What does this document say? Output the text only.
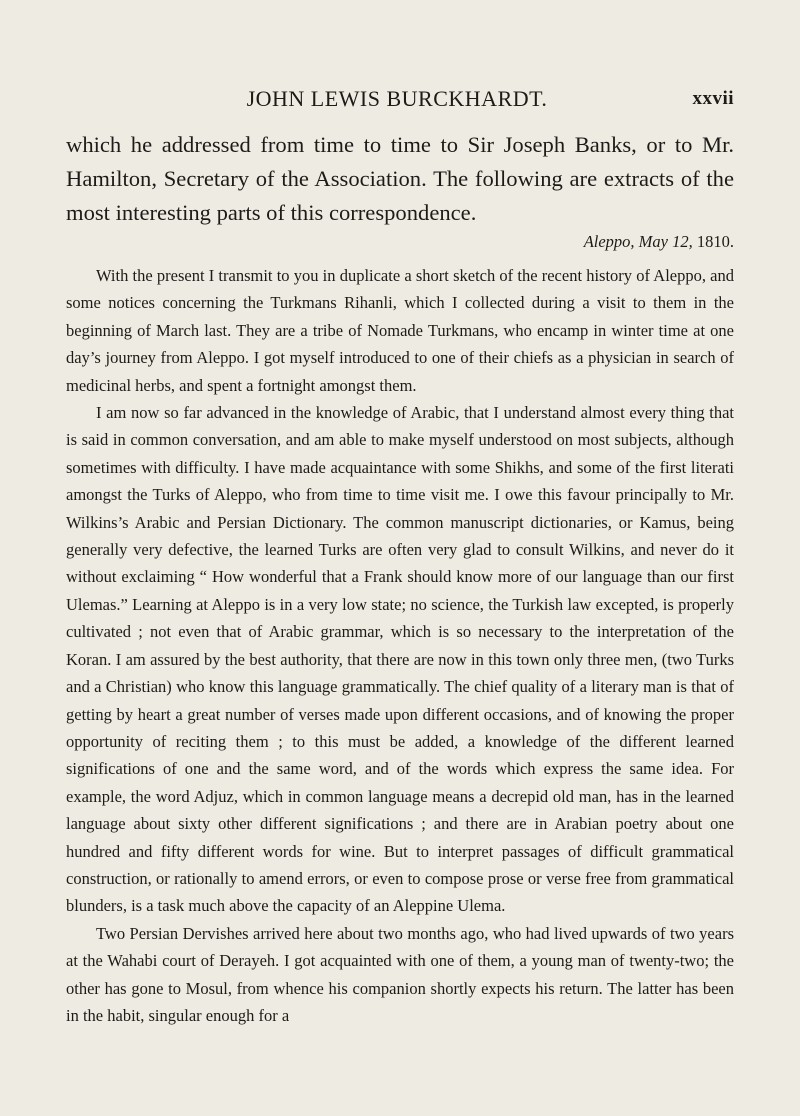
JOHN LEWIS BURCKHARDT.	xxvii

which he addressed from time to time to Sir Joseph Banks, or to Mr. Hamilton, Secretary of the Association. The following are extracts of the most interesting parts of this correspondence.

Aleppo, May 12, 1810.

With the present I transmit to you in duplicate a short sketch of the recent history of Aleppo, and some notices concerning the Turkmans Rihanli, which I collected during a visit to them in the beginning of March last. They are a tribe of Nomade Turkmans, who encamp in winter time at one day’s journey from Aleppo. I got myself introduced to one of their chiefs as a physician in search of medicinal herbs, and spent a fortnight amongst them.

I am now so far advanced in the knowledge of Arabic, that I understand almost every thing that is said in common conversation, and am able to make myself understood on most subjects, although sometimes with difficulty. I have made acquaintance with some Shikhs, and some of the first literati amongst the Turks of Aleppo, who from time to time visit me. I owe this favour principally to Mr. Wilkins’s Arabic and Persian Dictionary. The common manuscript dictionaries, or Kamus, being generally very defective, the learned Turks are often very glad to consult Wilkins, and never do it without exclaiming “ How wonderful that a Frank should know more of our language than our first Ulemas.” Learning at Aleppo is in a very low state; no science, the Turkish law excepted, is properly cultivated ; not even that of Arabic grammar, which is so necessary to the interpretation of the Koran. I am assured by the best authority, that there are now in this town only three men, (two Turks and a Christian) who know this language grammatically. The chief quality of a literary man is that of getting by heart a great number of verses made upon different occasions, and of knowing the proper opportunity of reciting them ; to this must be added, a knowledge of the different learned significations of one and the same word, and of the words which express the same idea. For example, the word Adjuz, which in common language means a decrepid old man, has in the learned language about sixty other different significations ; and there are in Arabian poetry about one hundred and fifty different words for wine. But to interpret passages of difficult grammatical construction, or rationally to amend errors, or even to compose prose or verse free from grammatical blunders, is a task much above the capacity of an Aleppine Ulema.

Two Persian Dervishes arrived here about two months ago, who had lived upwards of two years at the Wahabi court of Derayeh. I got acquainted with one of them, a young man of twenty-two; the other has gone to Mosul, from whence his companion shortly expects his return. The latter has been in the habit, singular enough for a
